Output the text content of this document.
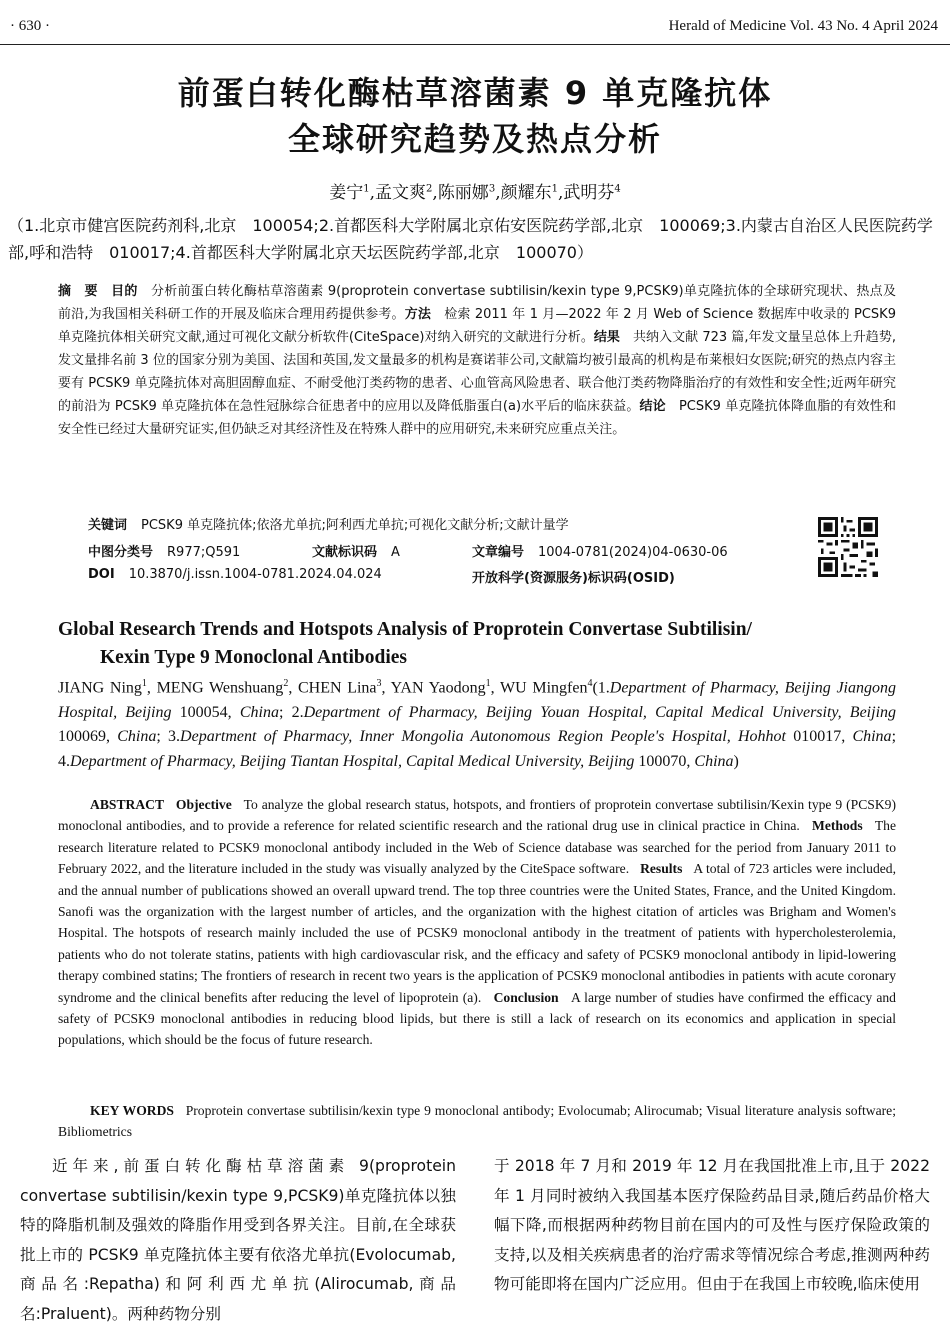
· 630 ·	Herald of Medicine Vol. 43 No. 4 April 2024
前蛋白转化酶枯草溶菌素 9 单克隆抗体
全球研究趋势及热点分析
姜宁$^1$,孟文爽$^2$,陈丽娜$^3$,颜耀东$^1$,武明芬$^4$
（1.北京市健宫医院药剂科,北京　100054;2.首都医科大学附属北京佑安医院药学部,北京　100069;3.内蒙古自治区人民医院药学部,呼和浩特　010017;4.首都医科大学附属北京天坛医院药学部,北京　100070）
摘　要　 目的　 分析前蛋白转化酶枯草溶菌素 9(proprotein convertase subtilisin/kexin type 9,PCSK9)单克隆抗体的全球研究现状、热点及前沿,为我国相关科研工作的开展及临床合理用药提供参考。方法　 检索 2011 年 1 月—2022 年 2 月 Web of Science 数据库中收录的 PCSK9 单克隆抗体相关研究文献,通过可视化文献分析软件(CiteSpace)对纳入研究的文献进行分析。结果　 共纳入文献 723 篇,年发文量呈总体上升趋势,发文量排名前 3 位的国家分别为美国、法国和英国,发文量最多的机构是赛诺菲公司,文献篇均被引最高的机构是布莱根妇女医院;研究的热点内容主要有 PCSK9 单克隆抗体对高胆固醇血症、不耐受他汀类药物的患者、心血管高风险患者、联合他汀类药物降脂治疗的有效性和安全性;近两年研究的前沿为 PCSK9 单克隆抗体在急性冠脉综合征患者中的应用以及降低脂蛋白(a)水平后的临床获益。结论　 PCSK9 单克隆抗体降血脂的有效性和安全性已经过大量研究证实,但仍缺乏对其经济性及在特殊人群中的应用研究,未来研究应重点关注。
关键词 PCSK9 单克隆抗体;依洛尤单抗;阿利西尤单抗;可视化文献分析;文献计量学
中图分类号 R977;Q591	文献标识码 A	文章编号 1004-0781(2024)04-0630-06
DOI 10.3870/j.issn.1004-0781.2024.04.024	开放科学(资源服务)标识码(OSID)
Global Research Trends and Hotspots Analysis of Proprotein Convertase Subtilisin/
Kexin Type 9 Monoclonal Antibodies
JIANG Ning$^1$, MENG Wenshuang$^2$, CHEN Lina$^3$, YAN Yaodong$^1$, WU Mingfen$^4$(1.Department of Pharmacy, Beijing Jiangong Hospital, Beijing 100054, China; 2.Department of Pharmacy, Beijing Youan Hospital, Capital Medical University, Beijing 100069, China; 3.Department of Pharmacy, Inner Mongolia Autonomous Region People's Hospital, Hohhot 010017, China; 4.Department of Pharmacy, Beijing Tiantan Hospital, Capital Medical University, Beijing 100070, China)
ABSTRACT Objective To analyze the global research status, hotspots, and frontiers of proprotein convertase subtilisin/Kexin type 9 (PCSK9) monoclonal antibodies, and to provide a reference for related scientific research and the rational drug use in clinical practice in China. Methods The research literature related to PCSK9 monoclonal antibody included in the Web of Science database was searched for the period from January 2011 to February 2022, and the literature included in the study was visually analyzed by the CiteSpace software. Results A total of 723 articles were included, and the annual number of publications showed an overall upward trend. The top three countries were the United States, France, and the United Kingdom. Sanofi was the organization with the largest number of articles, and the organization with the highest citation of articles was Brigham and Women's Hospital. The hotspots of research mainly included the use of PCSK9 monoclonal antibody in the treatment of patients with hypercholesterolemia, patients who do not tolerate statins, patients with high cardiovascular risk, and the efficacy and safety of PCSK9 monoclonal antibody in lipid-lowering therapy combined statins; The frontiers of research in recent two years is the application of PCSK9 monoclonal antibodies in patients with acute coronary syndrome and the clinical benefits after reducing the level of lipoprotein (a). Conclusion A large number of studies have confirmed the efficacy and safety of PCSK9 monoclonal antibodies in reducing blood lipids, but there is still a lack of research on its economics and application in special populations, which should be the focus of future research.
KEY WORDS Proprotein convertase subtilisin/kexin type 9 monoclonal antibody; Evolocumab; Alirocumab; Visual literature analysis software; Bibliometrics
近年来,前蛋白转化酶枯草溶菌素 9(proprotein convertase subtilisin/kexin type 9,PCSK9)单克隆抗体以独特的降脂机制及强效的降脂作用受到各界关注。目前,在全球获批上市的 PCSK9 单克隆抗体主要有依洛尤单抗(Evolocumab,商品名:Repatha)和阿利西尤单抗(Alirocumab,商品名:Praluent)。两种药物分别
于 2018 年 7 月和 2019 年 12 月在我国批准上市,且于 2022 年 1 月同时被纳入我国基本医疗保险药品目录,随后药品价格大幅下降,而根据两种药物目前在国内的可及性与医疗保险政策的支持,以及相关疾病患者的治疗需求等情况综合考虑,推测两种药物可能即将在国内广泛应用。但由于在我国上市较晚,临床使用
